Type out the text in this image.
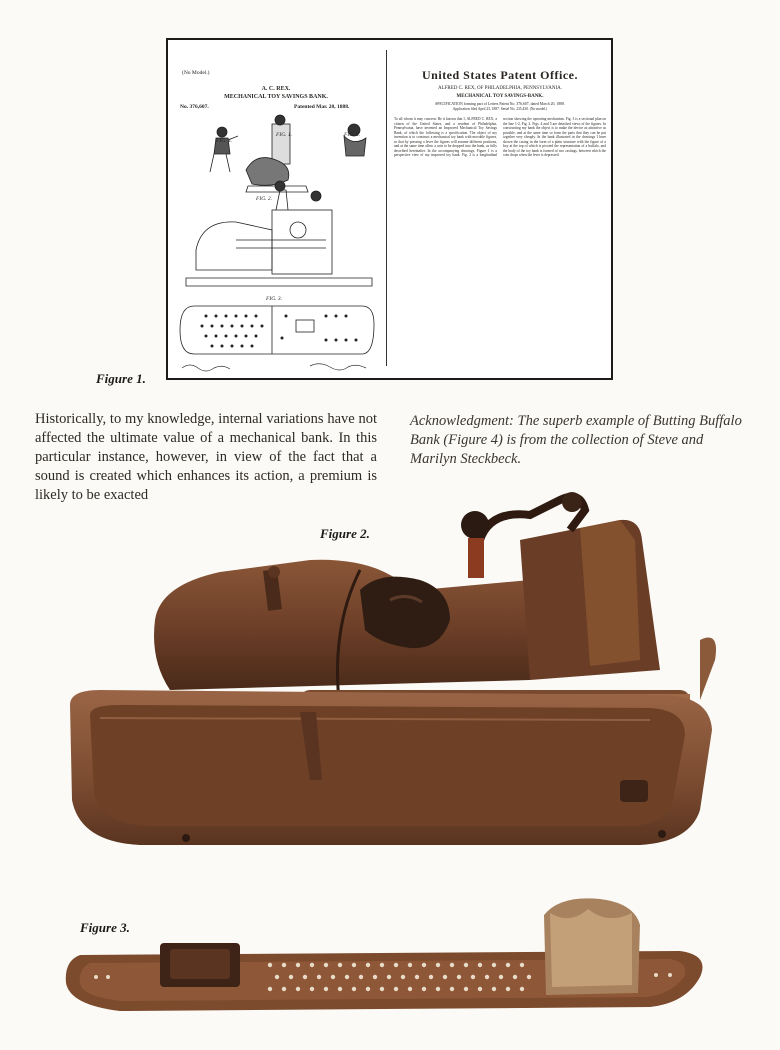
(No Model.)
A. C. REX.
MECHANICAL TOY SAVINGS BANK.
No. 376,607.	Patented Mar. 20, 1888.
FIG. 4.
FIG. 1.	FIG. 5.
FIG. 2.
FIG. 3.
United States Patent Office.
ALFRED C. REX, OF PHILADELPHIA, PENNSYLVANIA.
MECHANICAL TOY SAVINGS-BANK.
SPECIFICATION forming part of Letters Patent No. 376,607, dated March 20, 1888.
Application filed April 23, 1887. Serial No. 235,430. (No model.)
To all whom it may concern: Be it known that I, ALFRED C. REX, a citizen of the United States, and a resident of Philadelphia, Pennsylvania, have invented an Improved Mechanical Toy Savings Bank, of which the following is a specification. The object of my invention is to construct a mechanical toy bank with movable figures, so that by pressing a lever the figures will assume different positions, and at the same time allow a coin to be dropped into the bank, as fully described hereinafter. In the accompanying drawings, Figure 1 is a perspective view of my improved toy bank. Fig. 2 is a longitudinal section showing the operating mechanism. Fig. 3 is a sectional plan on the line 1-2, Fig. 2. Figs. 4 and 5 are detached views of the figures. In constructing my bank the object is to make the device as attractive as possible, and at the same time so form the parts that they can be put together very cheaply. In the bank illustrated in the drawings I have shown the casing in the form of a plain structure with the figure of a boy at the top of which is pivoted the representation of a buffalo, and the body of the toy bank is formed of two castings, between which the coin drops when the lever is depressed.
Figure 1.
Historically, to my knowledge, internal variations have not affected the ultimate value of a mechanical bank. In this particular instance, however, in view of the fact that a sound is created which enhances its action, a premium is likely to be exacted
Acknowledgment: The superb example of Butting Buffalo Bank (Figure 4) is from the collection of Steve and Marilyn Steckbeck.
Figure 2.
Figure 3.
